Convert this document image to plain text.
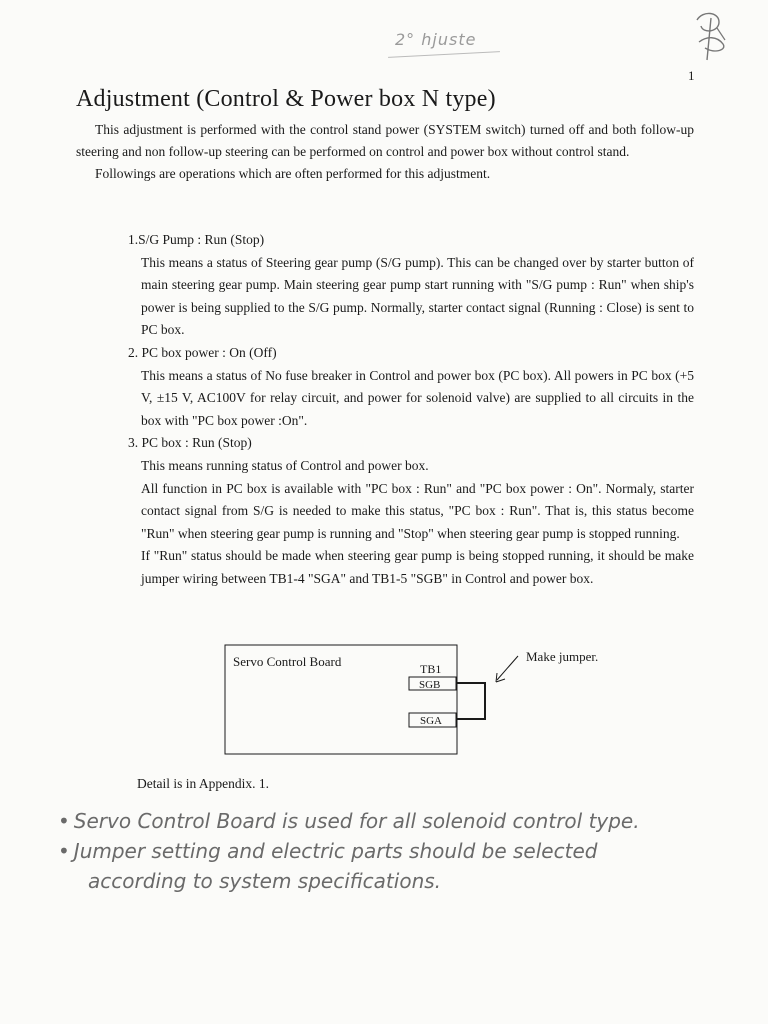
2° hjuste
1
Adjustment (Control & Power box N type)

This adjustment is performed with the control stand power (SYSTEM switch) turned off and both follow-up steering and non follow-up steering can be performed on control and power box without control stand.

Followings are operations which are often performed for this adjustment.

1.S/G Pump : Run (Stop)

This means a status of Steering gear pump (S/G pump). This can be changed over by starter button of main steering gear pump. Main steering gear pump start running with "S/G pump : Run" when ship's power is being supplied to the S/G pump. Normally, starter contact signal (Running : Close) is sent to PC box.

2. PC box power : On (Off)

This means a status of No fuse breaker in Control and power box (PC box). All powers in PC box (+5 V, ±15 V, AC100V for relay circuit, and power for solenoid valve) are supplied to all circuits in the box with "PC box power :On".

3. PC box : Run (Stop)

This means running status of Control and power box.

All function in PC box is available with "PC box : Run" and "PC box power : On". Normaly, starter contact signal from S/G is needed to make this status, "PC box : Run". That is, this status become "Run" when steering gear pump is running and "Stop" when steering gear pump is stopped running.

If "Run" status should be made when steering gear pump is being stopped running, it should be make jumper wiring between TB1-4 "SGA" and TB1-5 "SGB" in Control and power box.

Servo Control Board	TB1
SGB
SGA
Make jumper.
Detail is in Appendix. 1.
• Servo Control Board is used for all solenoid control type.
• Jumper setting and electric parts should be selected
according to system specifications.
